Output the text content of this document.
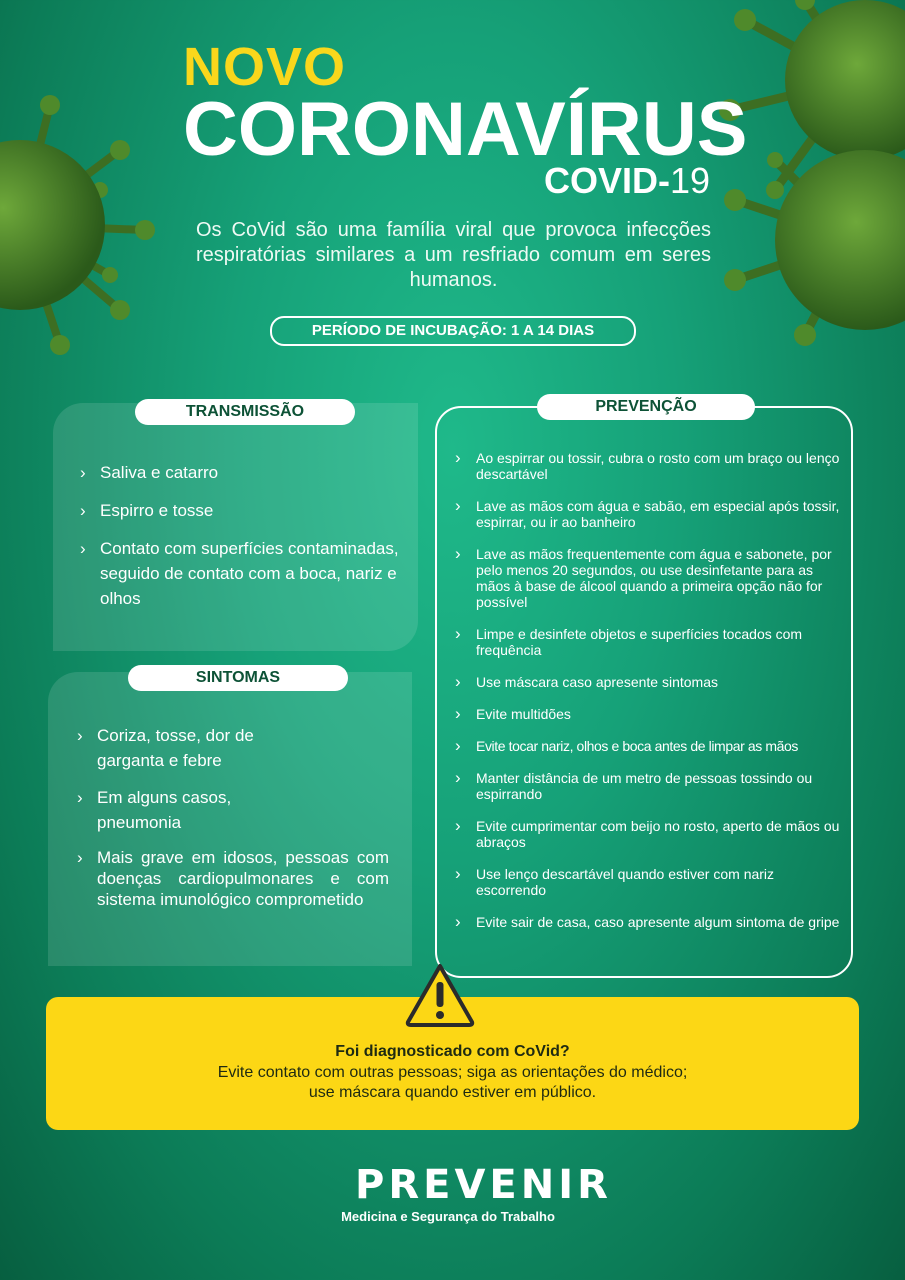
NOVO
CORONAVÍRUS
COVID-19
Os CoVid são uma família viral que provoca infecções respiratórias similares a um resfriado comum em seres humanos.
PERÍODO DE INCUBAÇÃO: 1 A 14 DIAS
TRANSMISSÃO
› Saliva e catarro
› Espirro e tosse
› Contato com superfícies contaminadas, seguido de contato com a boca, nariz e olhos
SINTOMAS
› Coriza, tosse, dor de garganta e febre
› Em alguns casos, pneumonia
› Mais grave em idosos, pessoas com doenças cardiopulmonares e com sistema imunológico comprometido
PREVENÇÃO
› Ao espirrar ou tossir, cubra o rosto com um braço ou lenço descartável
› Lave as mãos com água e sabão, em especial após tossir, espirrar, ou ir ao banheiro
› Lave as mãos frequentemente com água e sabonete, por pelo menos 20 segundos, ou use desinfetante para as mãos à base de álcool quando a primeira opção não for possível
› Limpe e desinfete objetos e superfícies tocados com frequência
› Use máscara caso apresente sintomas
› Evite multidões
› Evite tocar nariz, olhos e boca antes de limpar as mãos
› Manter distância de um metro de pessoas tossindo ou espirrando
› Evite cumprimentar com beijo no rosto, aperto de mãos ou abraços
› Use lenço descartável quando estiver com nariz escorrendo
› Evite sair de casa, caso apresente algum sintoma de gripe
Foi diagnosticado com CoVid?
Evite contato com outras pessoas; siga as orientações do médico;
use máscara quando estiver em público.
PREVENIR
Medicina e Segurança do Trabalho
